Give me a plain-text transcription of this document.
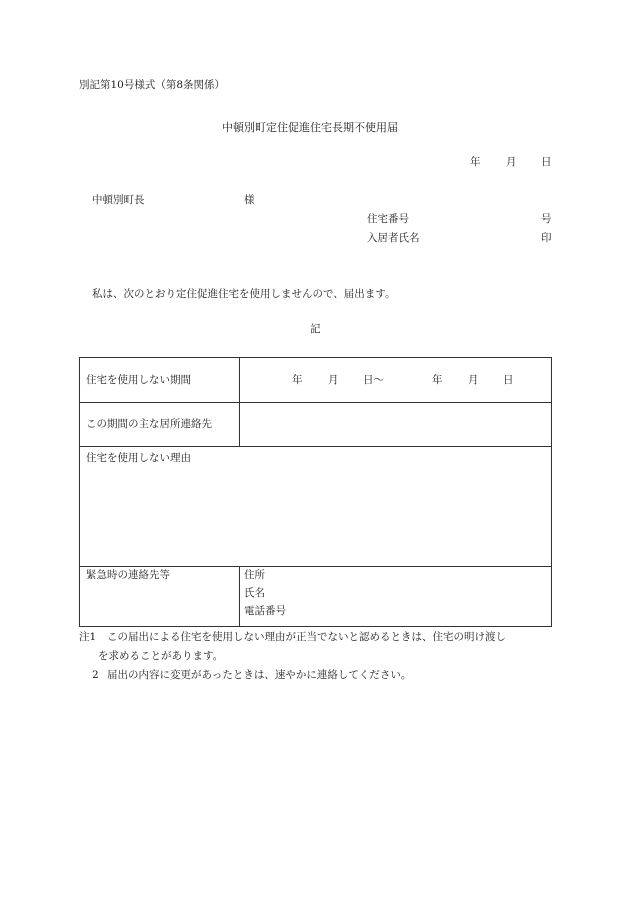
別記第10号様式（第8条関係）
中頓別町定住促進住宅長期不使用届
年 月 日
中頓別町長	様
住宅番号	号
入居者氏名	印
私は、次のとおり定住促進住宅を使用しませんので、届出ます。
記
住宅を使用しない期間	年 月 日～	年 月 日
この期間の主な居所連絡先
住宅を使用しない理由
緊急時の連絡先等	住所
氏名
電話番号
注1 この届出による住宅を使用しない理由が正当でないと認めるときは、住宅の明け渡し
を求めることがあります。
2 届出の内容に変更があったときは、速やかに連絡してください。
